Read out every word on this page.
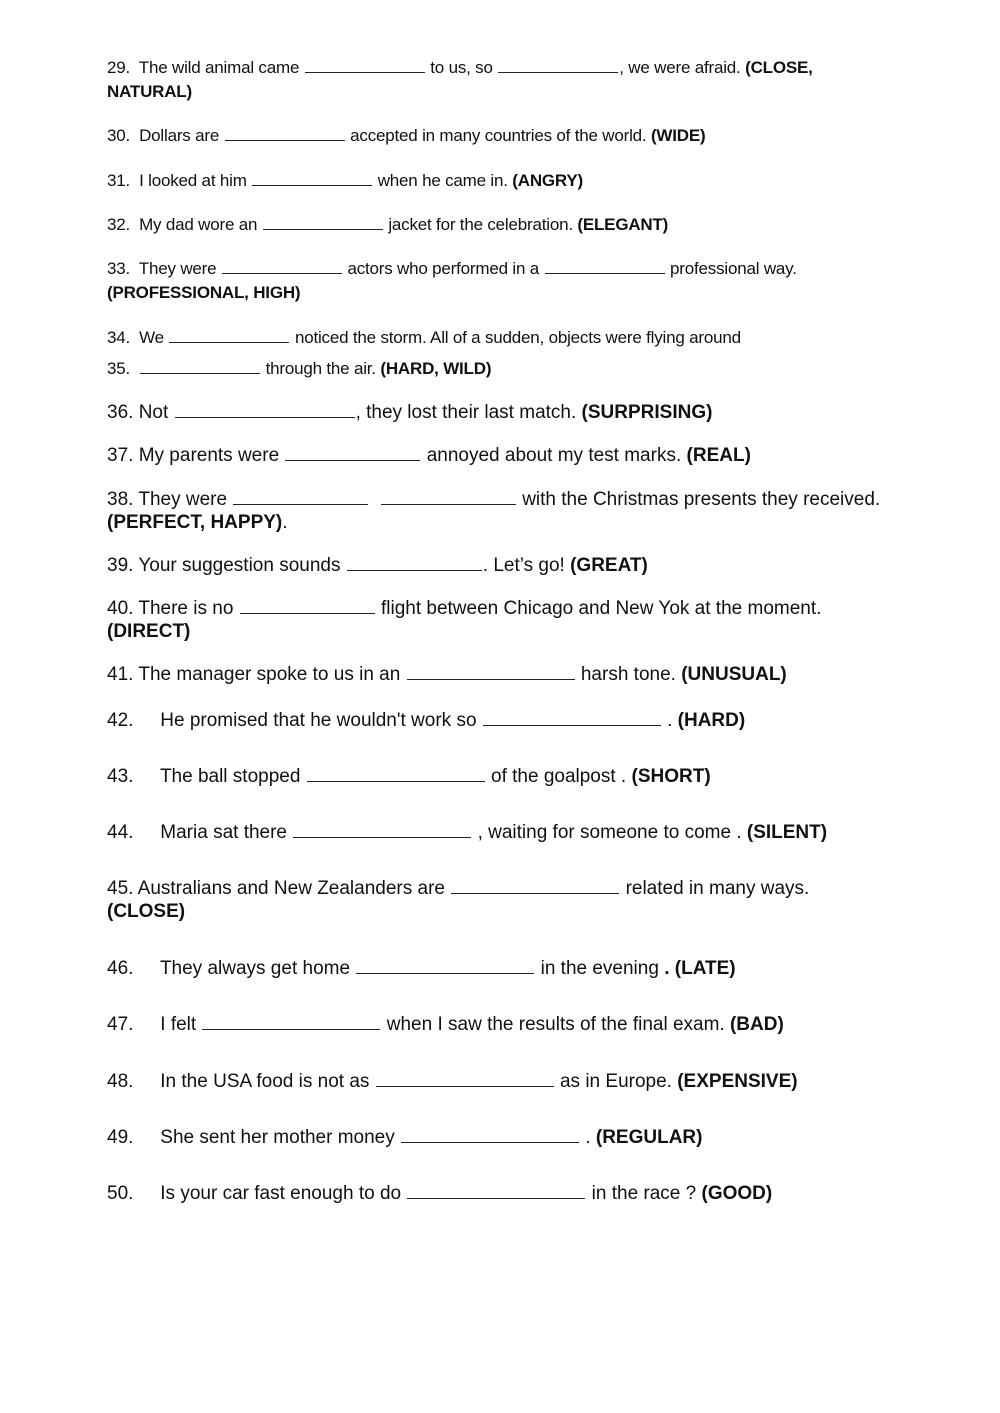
29. The wild animal came	to us, so	, we were afraid. (CLOSE,
NATURAL)

30. Dollars are	accepted in many countries of the world. (WIDE)

31. I looked at him	when he came in. (ANGRY)

32. My dad wore an	jacket for the celebration. (ELEGANT)

33. They were	actors who performed in a	professional way.
(PROFESSIONAL, HIGH)

34. We	noticed the storm. All of a sudden, objects were flying around

35.	through the air. (HARD, WILD)

36. Not	, they lost their last match. (SURPRISING)

37. My parents were	annoyed about my test marks. (REAL)

38. They were	with the Christmas presents they received.
(PERFECT, HAPPY).

39. Your suggestion sounds	. Let’s go! (GREAT)

40. There is no	flight between Chicago and New Yok at the moment.
(DIRECT)

41. The manager spoke to us in an	harsh tone. (UNUSUAL)

42. He promised that he wouldn't work so	. (HARD)

43. The ball stopped	of the goalpost . (SHORT)

44. Maria sat there	, waiting for someone to come . (SILENT)

45. Australians and New Zealanders are	related in many ways.
(CLOSE)

46. They always get home	in the evening . (LATE)

47. I felt	when I saw the results of the final exam. (BAD)

48. In the USA food is not as	as in Europe. (EXPENSIVE)

49. She sent her mother money	. (REGULAR)

50. Is your car fast enough to do	in the race ? (GOOD)
